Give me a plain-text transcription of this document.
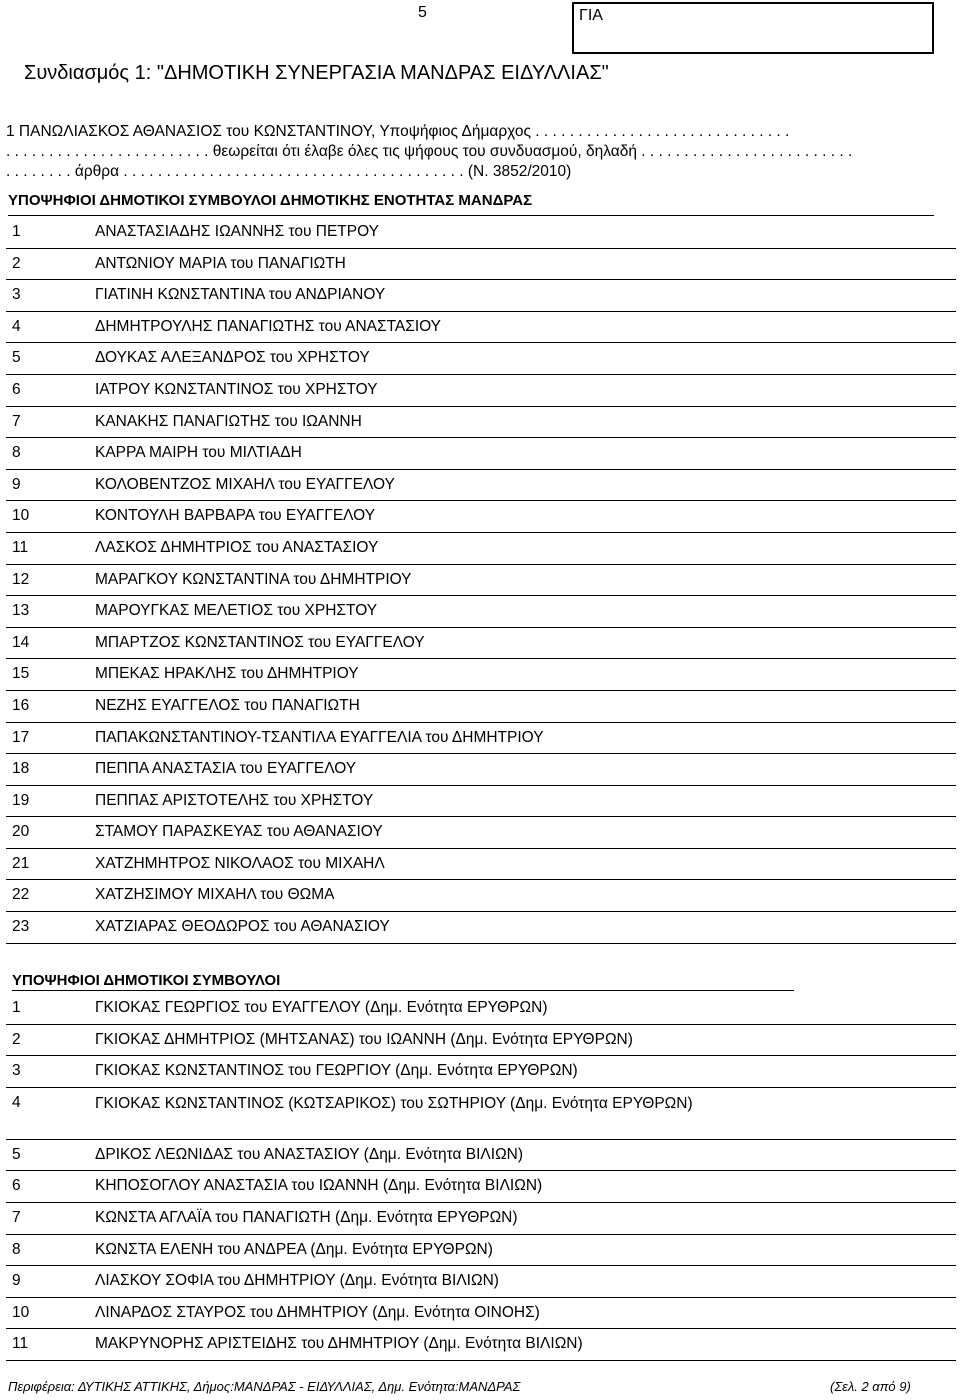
5	ΓΙΑ
Συνδιασμός 1: "ΔΗΜΟΤΙΚΗ ΣΥΝΕΡΓΑΣΙΑ ΜΑΝΔΡΑΣ ΕΙΔΥΛΛΙΑΣ"
1 ΠΑΝΩΛΙΑΣΚΟΣ ΑΘΑΝΑΣΙΟΣ του ΚΩΝΣΤΑΝΤΙΝΟΥ, Υποψήφιος Δήμαρχος . . . . . . . . . . . . . . . . . . . . . . . . . . . . . .
. . . . . . . . . . . . . . . . . . . . . . . . θεωρείται ότι έλαβε όλες τις ψήφους του συνδυασμού, δηλαδή . . . . . . . . . . . . . . . . . . . . . . . . .
. . . . . . . . άρθρα . . . . . . . . . . . . . . . . . . . . . . . . . . . . . . . . . . . . . . . . (Ν. 3852/2010)
ΥΠΟΨΗΦΙΟΙ ΔΗΜΟΤΙΚΟΙ ΣΥΜΒΟΥΛΟΙ ΔΗΜΟΤΙΚΗΣ ΕΝΟΤΗΤΑΣ ΜΑΝΔΡΑΣ
1	ΑΝΑΣΤΑΣΙΑΔΗΣ ΙΩΑΝΝΗΣ του ΠΕΤΡΟΥ
2	ΑΝΤΩΝΙΟΥ ΜΑΡΙΑ του ΠΑΝΑΓΙΩΤΗ
3	ΓΙΑΤΙΝΗ ΚΩΝΣΤΑΝΤΙΝΑ του ΑΝΔΡΙΑΝΟΥ
4	ΔΗΜΗΤΡΟΥΛΗΣ ΠΑΝΑΓΙΩΤΗΣ του ΑΝΑΣΤΑΣΙΟΥ
5	ΔΟΥΚΑΣ ΑΛΕΞΑΝΔΡΟΣ του ΧΡΗΣΤΟΥ
6	ΙΑΤΡΟΥ ΚΩΝΣΤΑΝΤΙΝΟΣ του ΧΡΗΣΤΟΥ
7	ΚΑΝΑΚΗΣ ΠΑΝΑΓΙΩΤΗΣ του ΙΩΑΝΝΗ
8	ΚΑΡΡΑ ΜΑΙΡΗ του ΜΙΛΤΙΑΔΗ
9	ΚΟΛΟΒΕΝΤΖΟΣ ΜΙΧΑΗΛ του ΕΥΑΓΓΕΛΟΥ
10	ΚΟΝΤΟΥΛΗ ΒΑΡΒΑΡΑ του ΕΥΑΓΓΕΛΟΥ
11	ΛΑΣΚΟΣ ΔΗΜΗΤΡΙΟΣ του ΑΝΑΣΤΑΣΙΟΥ
12	ΜΑΡΑΓΚΟΥ ΚΩΝΣΤΑΝΤΙΝΑ του ΔΗΜΗΤΡΙΟΥ
13	ΜΑΡΟΥΓΚΑΣ ΜΕΛΕΤΙΟΣ του ΧΡΗΣΤΟΥ
14	ΜΠΑΡΤΖΟΣ ΚΩΝΣΤΑΝΤΙΝΟΣ του ΕΥΑΓΓΕΛΟΥ
15	ΜΠΕΚΑΣ ΗΡΑΚΛΗΣ του ΔΗΜΗΤΡΙΟΥ
16	ΝΕΖΗΣ ΕΥΑΓΓΕΛΟΣ του ΠΑΝΑΓΙΩΤΗ
17	ΠΑΠΑΚΩΝΣΤΑΝΤΙΝΟΥ-ΤΣΑΝΤΙΛΑ ΕΥΑΓΓΕΛΙΑ του ΔΗΜΗΤΡΙΟΥ
18	ΠΕΠΠΑ ΑΝΑΣΤΑΣΙΑ του ΕΥΑΓΓΕΛΟΥ
19	ΠΕΠΠΑΣ ΑΡΙΣΤΟΤΕΛΗΣ του ΧΡΗΣΤΟΥ
20	ΣΤΑΜΟΥ ΠΑΡΑΣΚΕΥΑΣ του ΑΘΑΝΑΣΙΟΥ
21	ΧΑΤΖΗΜΗΤΡΟΣ ΝΙΚΟΛΑΟΣ του ΜΙΧΑΗΛ
22	ΧΑΤΖΗΣΙΜΟΥ ΜΙΧΑΗΛ του ΘΩΜΑ
23	ΧΑΤΖΙΑΡΑΣ ΘΕΟΔΩΡΟΣ του ΑΘΑΝΑΣΙΟΥ
ΥΠΟΨΗΦΙΟΙ ΔΗΜΟΤΙΚΟΙ ΣΥΜΒΟΥΛΟΙ
1	ΓΚΙΟΚΑΣ ΓΕΩΡΓΙΟΣ του ΕΥΑΓΓΕΛΟΥ (Δημ. Ενότητα ΕΡΥΘΡΩΝ)
2	ΓΚΙΟΚΑΣ ΔΗΜΗΤΡΙΟΣ (ΜΗΤΣΑΝΑΣ) του ΙΩΑΝΝΗ (Δημ. Ενότητα ΕΡΥΘΡΩΝ)
3	ΓΚΙΟΚΑΣ ΚΩΝΣΤΑΝΤΙΝΟΣ του ΓΕΩΡΓΙΟΥ (Δημ. Ενότητα ΕΡΥΘΡΩΝ)
4	ΓΚΙΟΚΑΣ ΚΩΝΣΤΑΝΤΙΝΟΣ (ΚΩΤΣΑΡΙΚΟΣ) του ΣΩΤΗΡΙΟΥ (Δημ. Ενότητα ΕΡΥΘΡΩΝ)
5	ΔΡΙΚΟΣ ΛΕΩΝΙΔΑΣ του ΑΝΑΣΤΑΣΙΟΥ (Δημ. Ενότητα ΒΙΛΙΩΝ)
6	ΚΗΠΟΣΟΓΛΟΥ ΑΝΑΣΤΑΣΙΑ του ΙΩΑΝΝΗ (Δημ. Ενότητα ΒΙΛΙΩΝ)
7	ΚΩΝΣΤΑ ΑΓΛΑΪΑ του ΠΑΝΑΓΙΩΤΗ (Δημ. Ενότητα ΕΡΥΘΡΩΝ)
8	ΚΩΝΣΤΑ ΕΛΕΝΗ του ΑΝΔΡΕΑ (Δημ. Ενότητα ΕΡΥΘΡΩΝ)
9	ΛΙΑΣΚΟΥ ΣΟΦΙΑ του ΔΗΜΗΤΡΙΟΥ (Δημ. Ενότητα ΒΙΛΙΩΝ)
10	ΛΙΝΑΡΔΟΣ ΣΤΑΥΡΟΣ του ΔΗΜΗΤΡΙΟΥ (Δημ. Ενότητα ΟΙΝΟΗΣ)
11	ΜΑΚΡΥΝΟΡΗΣ ΑΡΙΣΤΕΙΔΗΣ του ΔΗΜΗΤΡΙΟΥ (Δημ. Ενότητα ΒΙΛΙΩΝ)
Περιφέρεια: ΔΥΤΙΚΗΣ ΑΤΤΙΚΗΣ, Δήμος:ΜΑΝΔΡΑΣ - ΕΙΔΥΛΛΙΑΣ, Δημ. Ενότητα:ΜΑΝΔΡΑΣ	(Σελ. 2 από 9)
